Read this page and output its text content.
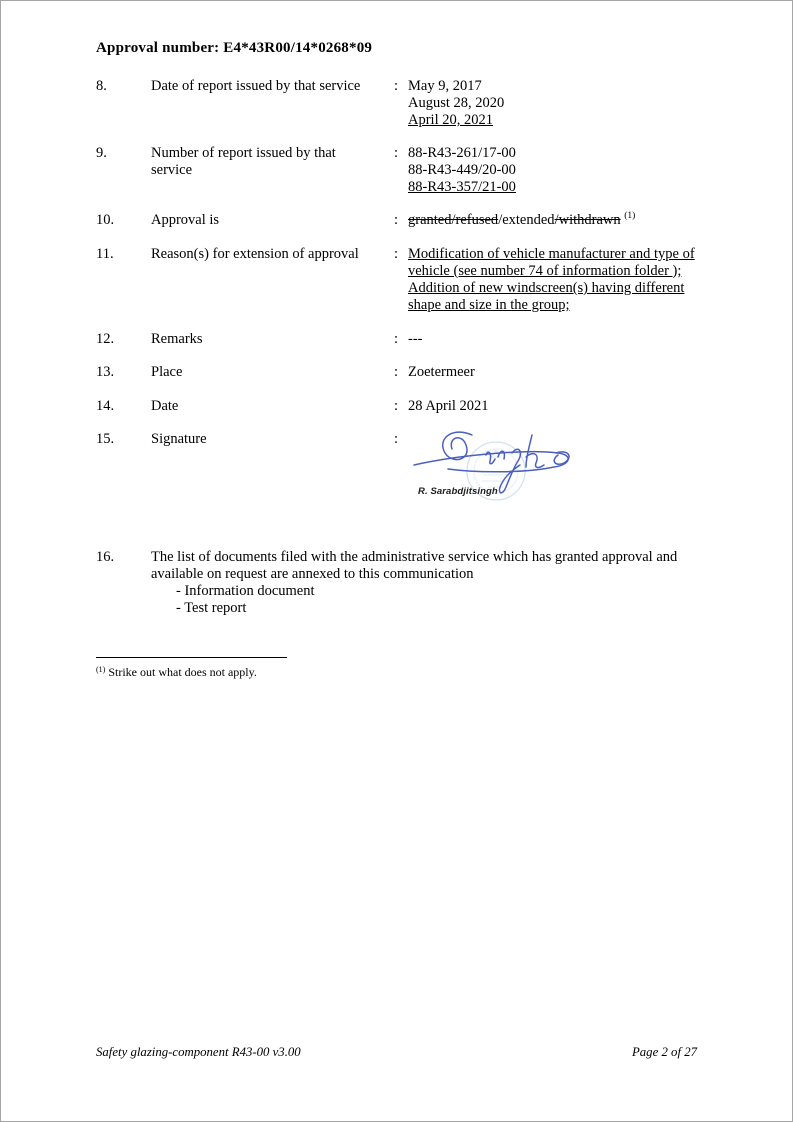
Approval number: E4*43R00/14*0268*09
8.	Date of report issued by that service	: May 9, 2017
August 28, 2020
April 20, 2021
9.	Number of report issued by that service
: 88-R43-261/17-00
88-R43-449/20-00
88-R43-357/21-00
10.	Approval is	: granted/refused/extended/withdrawn $^{(1)}$
11.	Reason(s) for extension of approval	: Modification of vehicle manufacturer and type of vehicle (see number 74 of information folder );
Addition of new windscreen(s) having different shape and size in the group;
12.	Remarks	: ---
13.	Place	: Zoetermeer
14.	Date	: 28 April 2021
15.	Signature	:
R. Sarabdjitsingh
16.	The list of documents filed with the administrative service which has granted approval and available on request are annexed to this communication
- Information document
- Test report
$^{(1)}$ Strike out what does not apply.
Safety glazing-component R43-00 v3.00	Page 2 of 27
